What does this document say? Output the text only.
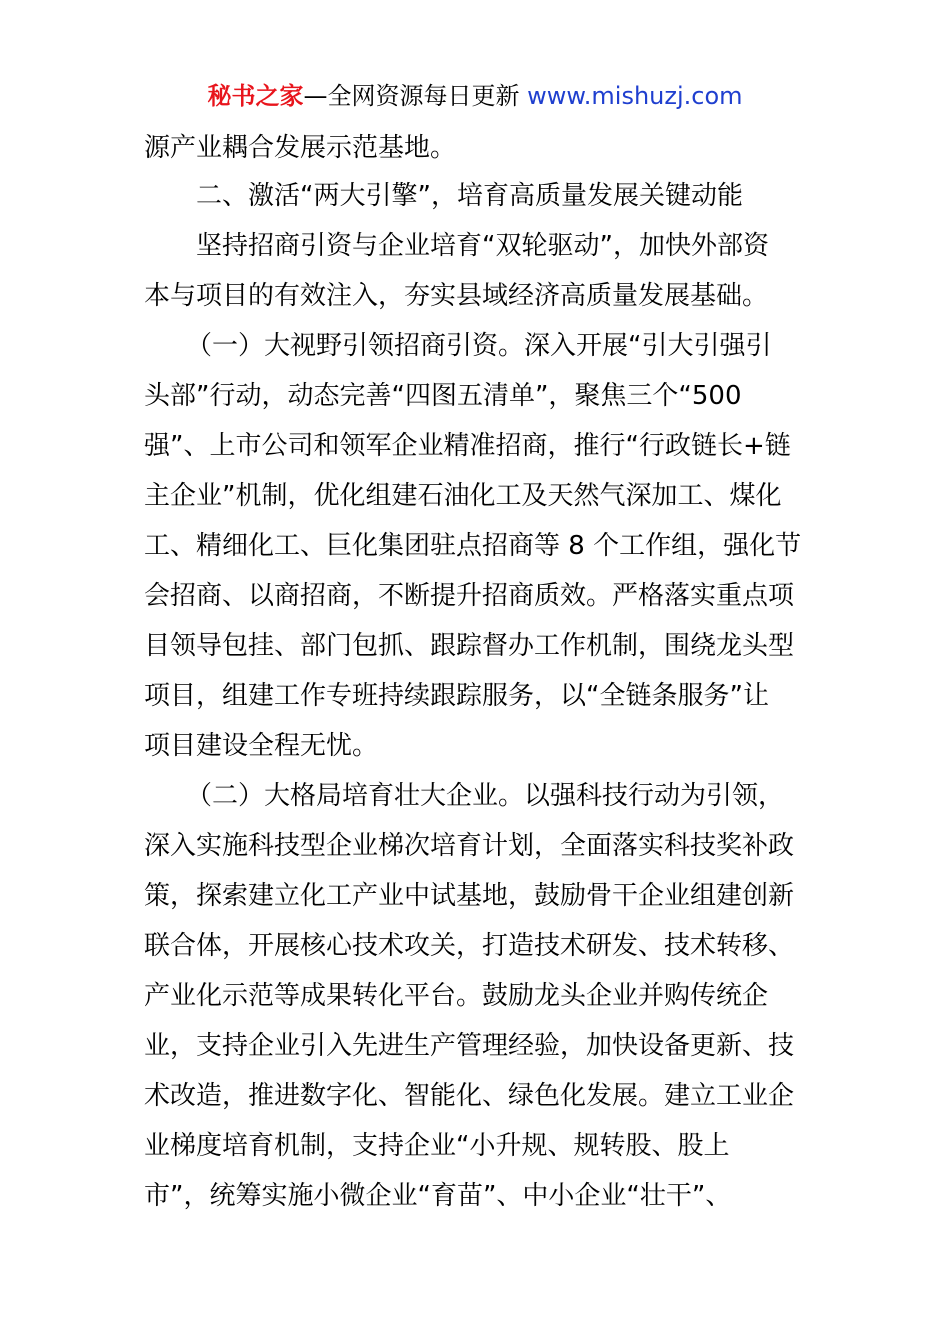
秘书之家—全网资源每日更新 www.mishuzj.com
源产业耦合发展示范基地。
二、激活“两大引擎”，培育高质量发展关键动能
坚持招商引资与企业培育“双轮驱动”，加快外部资
本与项目的有效注入，夯实县域经济高质量发展基础。
（一）大视野引领招商引资。深入开展“引大引强引
头部”行动，动态完善“四图五清单”，聚焦三个“500
强”、上市公司和领军企业精准招商，推行“行政链长+链
主企业”机制，优化组建石油化工及天然气深加工、煤化
工、精细化工、巨化集团驻点招商等 8 个工作组，强化节
会招商、以商招商，不断提升招商质效。严格落实重点项
目领导包挂、部门包抓、跟踪督办工作机制，围绕龙头型
项目，组建工作专班持续跟踪服务，以“全链条服务”让
项目建设全程无忧。
（二）大格局培育壮大企业。以强科技行动为引领，
深入实施科技型企业梯次培育计划，全面落实科技奖补政
策，探索建立化工产业中试基地，鼓励骨干企业组建创新
联合体，开展核心技术攻关，打造技术研发、技术转移、
产业化示范等成果转化平台。鼓励龙头企业并购传统企
业，支持企业引入先进生产管理经验，加快设备更新、技
术改造，推进数字化、智能化、绿色化发展。建立工业企
业梯度培育机制，支持企业“小升规、规转股、股上
市”，统筹实施小微企业“育苗”、中小企业“壮干”、
